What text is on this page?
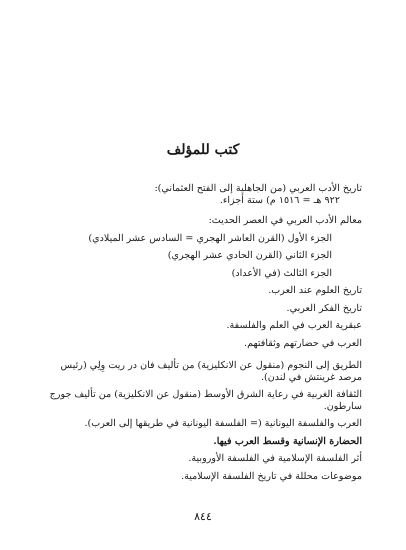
كتب للمؤلف
تاريخ الأدب العربي (من الجاهلية إلى الفتح العثماني):
٩٢٢ هـ = ١٥١٦ م) ستة أجزاء.
معالم الأدب العربي في العصر الحديث:
الجزء الأول (القرن العاشر الهجري = السادس عشر الميلادي)
الجزء الثاني (القرن الحادي عشر الهجري)
الجزء الثالث (في الأعداد)
تاريخ العلوم عند العرب.
تاريخ الفكر العربي.
عبقرية العرب في العلم والفلسفة.
العرب في حضارتهم وثقافتهم.
الطريق إلى النجوم (منقول عن الانكليزية) من تأليف فان در ريت وِلِي (رئيس مرصد غرينتش في لندن).
الثقافة الغربية في رعاية الشرق الأوسط (منقول عن الانكليزية) من تأليف جورج سارطون.
العرب والفلسفة اليونانية (= الفلسفة اليونانية في طريقها إلى العرب).
الحضارة الإنسانية وقسط العرب فيها.
أثر الفلسفة الإسلامية في الفلسفة الأوروبية.
موضوعات محللة في تاريخ الفلسفة الإسلامية.
٨٤٤
